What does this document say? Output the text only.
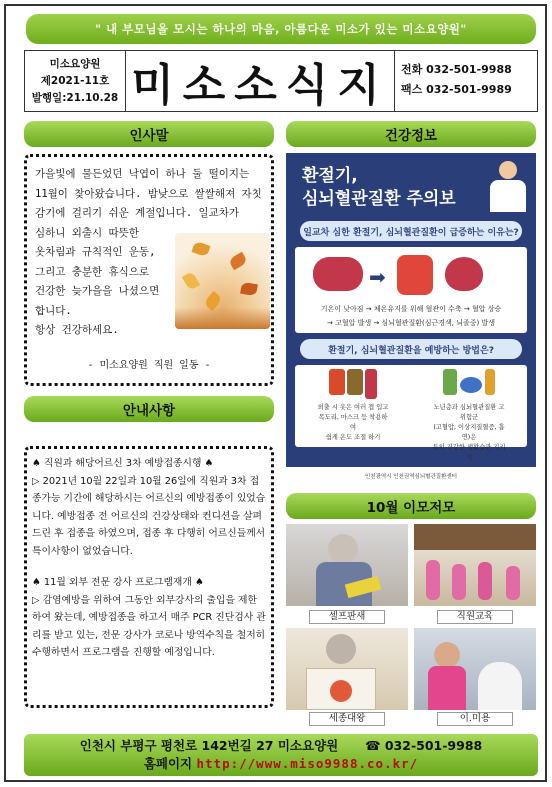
" 내 부모님을 모시는 하나의 마음, 아름다운 미소가 있는 미소요양원"
미소요양원
제2021-11호
발행일:21.10.28 미소소식지	전화 032-501-9988
팩스 032-501-9989
인사말
가을빛에 물든었던 낙엽이 하나 둘 떨이지는
11월이 찾아왔습니다. 밤낮으로 쌀쌀해져 자칫
감기에 걸리기 쉬운 계절입니다. 일교차가
심하니 외출시 따뜻한
옷차림과 규칙적인 운동,
그리고 충분한 휴식으로
건강한 늦가을을 나셨으면
합니다.
항상 건강하세요.
- 미소요양원 직원 일동 -
안내사항

♠ 직원과 해당어르신 3차 예방접종시행 ♠

▷ 2021년 10월 22일과 10월 26일에 직원과 3차 접종가능 기간에 해당하시는 어르신의 예방접종이 있었습니다. 예방접종 전 어르신의 건강상태와 컨디션을 살펴드린 후 접종을 하였으며, 접종 후 다행히 어르신들께서 특이사항이 없었습니다.

♠ 11월 외부 전문 강사 프로그램재개 ♠

▷ 감염예방을 위하여 그동안 외부강사의 출입을 제한하여 왔는데, 예방접종을 하고서 매주 PCR 진단검사 관리를 받고 있는, 전문 강사가 코로나 방역수칙을 철저히 수행하면서 프로그램을 진행할 예정입니다.

건강정보
환절기,
심뇌혈관질환 주의보
일교차 심한 환절기, 심뇌혈관질환이 급증하는 이유는?
➡
기온이 낮아짐 → 체온유지를 위해 혈관이 수축 → 혈압 상승
→ 고혈압 발생 → 심뇌혈관질환(심근경색, 뇌졸중) 발생
환절기, 심뇌혈관질환을 예방하는 방법은?
외출 시 옷은 여러 겹 입고
목도리, 마스크 등 착용하여
쉽게 온도 조절 하기
노년층과 심뇌혈관질환 고위험군
(고혈압, 이상지질혈증, 흡연)은
특히 건강한 생활습관 지키기
인천광역시 인천권역심뇌혈관질환센터
10월 이모저모
셀프판새	직원교육
세종대왕	이.미용
인천시 부평구 평천로 142번길 27 미소요양원 ☎ 032-501-9988
홈페이지 http://www.miso9988.co.kr/
